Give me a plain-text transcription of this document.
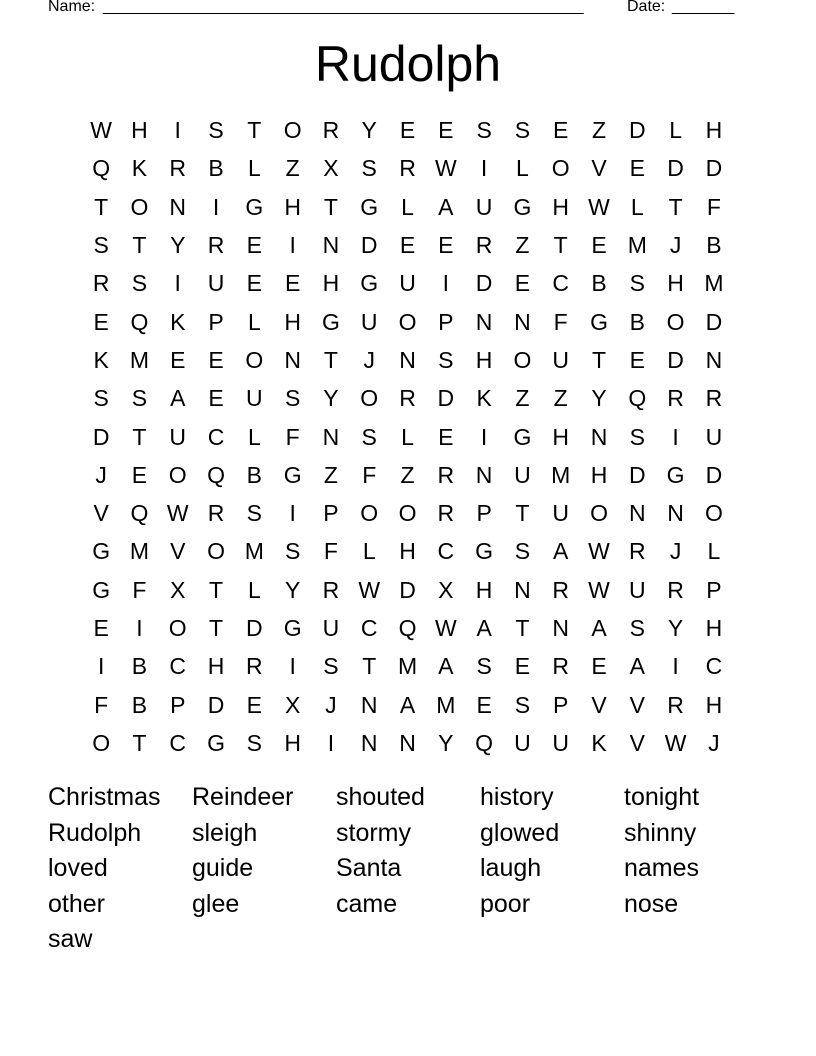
Name: ______________________________________________________	Date: _______
Rudolph
W H	I	S	T O R Y E E S S E	Z D	L	H
Q K R B	L	Z	X S R W	I	L O V E D D
T O N	I	G H T G L	A U G H W L	T	F
S	T	Y R E	I	N D E E R Z	T	E M J	B
R S	I	U E E H G U	I	D E C B S H M
E Q K P	L	H G U O P N N F G B O D
K M E E O N T	J	N S H O U T	E D N
S S A E U S Y O R D K	Z	Z	Y Q R R
D T U C	L	F N S	L	E	I	G H N S	I	U
J	E O Q B G Z	F	Z R N U M H D G D
V Q W R S	I	P O O R P	T U O N N O
G M V O M S	F	L	H C G S A W R	J	L
G F	X	T	L	Y R W D X H N R W U R P
E	I	O T D G U C Q W A	T N A S Y H
I	B C H R	I	S	T M A S E R E A	I	C
F	B P D E X	J	N A M E S P V V R H
O T C G S H	I	N N Y Q U U K V W J
Christmas	Reindeer	shouted	history	tonight
Rudolph	sleigh	stormy	glowed	shinny
loved	guide	Santa	laugh	names
other	glee	came	poor	nose
saw
